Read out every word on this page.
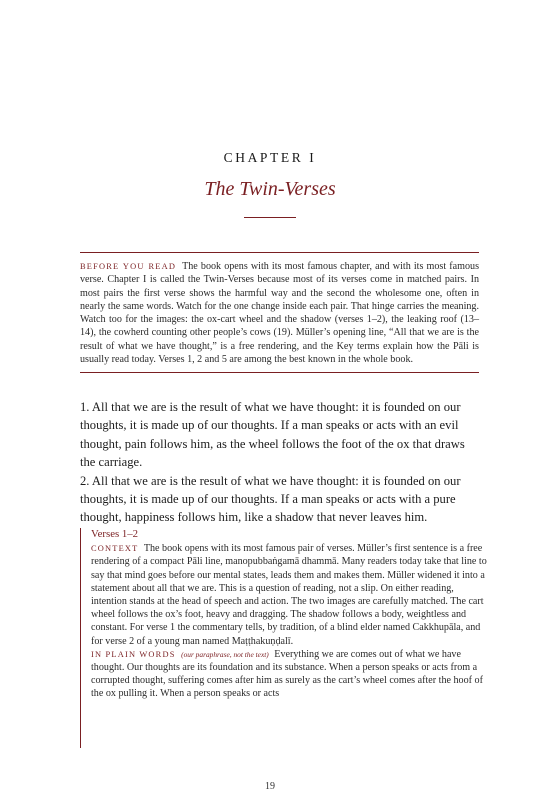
CHAPTER I
The Twin-Verses
BEFORE YOU READ The book opens with its most famous chapter, and with its most famous verse. Chapter I is called the Twin-Verses because most of its verses come in matched pairs. In most pairs the first verse shows the harmful way and the second the wholesome one, often in nearly the same words. Watch for the one change inside each pair. That hinge carries the meaning. Watch too for the images: the ox-cart wheel and the shadow (verses 1–2), the leaking roof (13–14), the cowherd counting other people’s cows (19). Müller’s opening line, “All that we are is the result of what we have thought,” is a free rendering, and the Key terms explain how the Pāli is usually read today. Verses 1, 2 and 5 are among the best known in the whole book.

1. All that we are is the result of what we have thought: it is founded on our thoughts, it is made up of our thoughts. If a man speaks or acts with an evil thought, pain follows him, as the wheel follows the foot of the ox that draws the carriage.

2. All that we are is the result of what we have thought: it is founded on our thoughts, it is made up of our thoughts. If a man speaks or acts with a pure thought, happiness follows him, like a shadow that never leaves him.

Verses 1–2

CONTEXT The book opens with its most famous pair of verses. Müller’s first sentence is a free rendering of a compact Pāli line, manopubbaṅgamā dhammā. Many readers today take that line to say that mind goes before our mental states, leads them and makes them. Müller widened it into a statement about all that we are. This is a question of reading, not a slip. On either reading, intention stands at the head of speech and action. The two images are carefully matched. The cart wheel follows the ox’s foot, heavy and dragging. The shadow follows a body, weightless and constant. For verse 1 the commentary tells, by tradition, of a blind elder named Cakkhupāla, and for verse 2 of a young man named Maṭṭhakuṇḍalī.

IN PLAIN WORDS (our paraphrase, not the text) Everything we are comes out of what we have thought. Our thoughts are its foundation and its substance. When a person speaks or acts from a corrupted thought, suffering comes after him as surely as the cart’s wheel comes after the hoof of the ox pulling it. When a person speaks or acts

19
